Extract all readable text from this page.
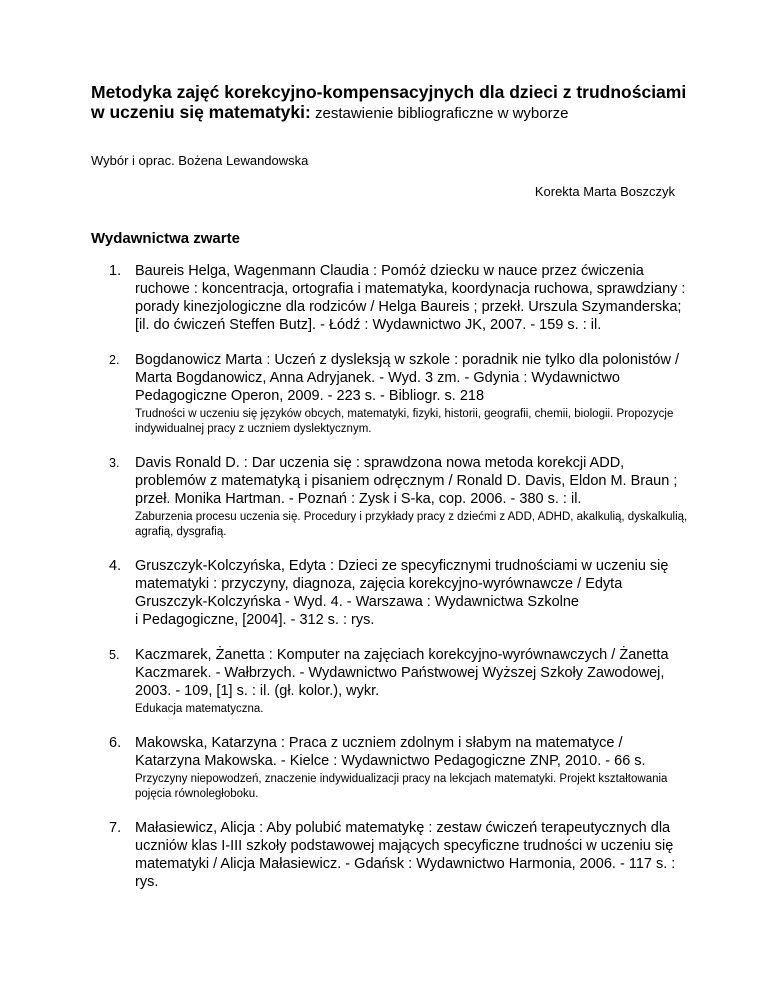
Metodyka zajęć korekcyjno-kompensacyjnych dla dzieci z trudnościami w uczeniu się matematyki: zestawienie bibliograficzne w wyborze

Wybór i oprac. Bożena Lewandowska

Korekta Marta Boszczyk

Wydawnictwa zwarte
1. Baureis Helga, Wagenmann Claudia : Pomóż dziecku w nauce przez ćwiczenia ruchowe : koncentracja, ortografia i matematyka, koordynacja ruchowa, sprawdziany : porady kinezjologiczne dla rodziców / Helga Baureis ; przekł. Urszula Szymanderska; [il. do ćwiczeń Steffen Butz]. - Łódź : Wydawnictwo JK, 2007. - 159 s. : il.

2.	Bogdanowicz Marta : Uczeń z dysleksją w szkole : poradnik nie tylko dla polonistów / Marta Bogdanowicz, Anna Adryjanek. - Wyd. 3 zm. - Gdynia : Wydawnictwo Pedagogiczne Operon, 2009. - 223 s. - Bibliogr. s. 218

Trudności w uczeniu się języków obcych, matematyki, fizyki, historii, geografii, chemii, biologii. Propozycje indywidualnej pracy z uczniem dyslektycznym.

3.	Davis Ronald D. : Dar uczenia się : sprawdzona nowa metoda korekcji ADD, problemów z matematyką i pisaniem odręcznym / Ronald D. Davis, Eldon M. Braun ; przeł. Monika Hartman. - Poznań : Zysk i S-ka, cop. 2006. - 380 s. : il.

Zaburzenia procesu uczenia się. Procedury i przykłady pracy z dziećmi z ADD, ADHD, akalkulią, dyskalkulią, agrafią, dysgrafią.

4. Gruszczyk-Kolczyńska, Edyta : Dzieci ze specyficznymi trudnościami w uczeniu się matematyki : przyczyny, diagnoza, zajęcia korekcyjno-wyrównawcze / Edyta Gruszczyk-Kolczyńska - Wyd. 4. - Warszawa : Wydawnictwa Szkolne
i Pedagogiczne, [2004]. - 312 s. : rys.

5.	Kaczmarek, Żanetta : Komputer na zajęciach korekcyjno-wyrównawczych / Żanetta Kaczmarek. - Wałbrzych. - Wydawnictwo Państwowej Wyższej Szkoły Zawodowej, 2003. - 109, [1] s. : il. (gł. kolor.), wykr.

Edukacja matematyczna.

6. Makowska, Katarzyna : Praca z uczniem zdolnym i słabym na matematyce / Katarzyna Makowska. - Kielce : Wydawnictwo Pedagogiczne ZNP, 2010. - 66 s.

Przyczyny niepowodzeń, znaczenie indywidualizacji pracy na lekcjach matematyki. Projekt kształtowania pojęcia równoległoboku.

7. Małasiewicz, Alicja : Aby polubić matematykę : zestaw ćwiczeń terapeutycznych dla uczniów klas I-III szkoły podstawowej mających specyficzne trudności w uczeniu się matematyki / Alicja Małasiewicz. - Gdańsk : Wydawnictwo Harmonia, 2006. - 117 s. : rys.
